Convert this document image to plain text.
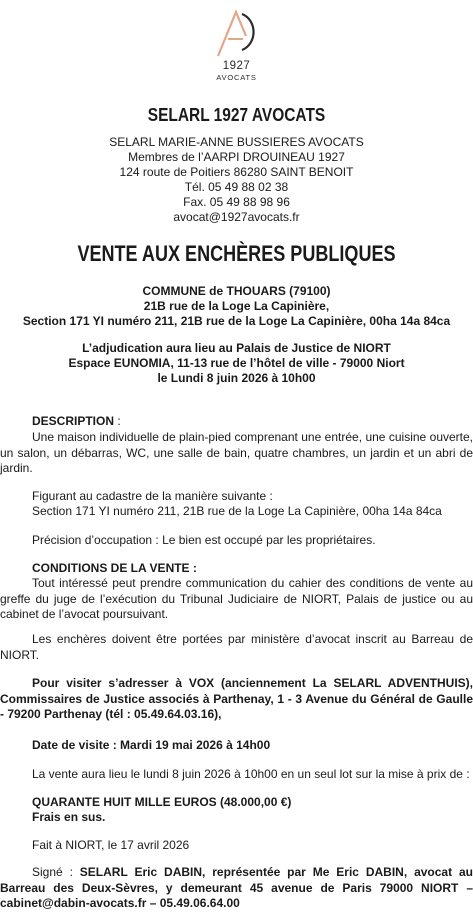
1927
AVOCATS
SELARL 1927 AVOCATS
SELARL MARIE-ANNE BUSSIERES AVOCATS
Membres de l’AARPI DROUINEAU 1927
124 route de Poitiers 86280 SAINT BENOIT
Tél. 05 49 88 02 38
Fax. 05 49 88 98 96
avocat@1927avocats.fr
VENTE AUX ENCHÈRES PUBLIQUES
COMMUNE de THOUARS (79100)
21B rue de la Loge La Capinière,
Section 171 YI numéro 211, 21B rue de la Loge La Capinière, 00ha 14a 84ca
L’adjudication aura lieu au Palais de Justice de NIORT
Espace EUNOMIA, 11-13 rue de l’hôtel de ville - 79000 Niort
le Lundi 8 juin 2026 à 10h00
DESCRIPTION :
Une maison individuelle de plain-pied comprenant une entrée, une cuisine ouverte, un salon, un débarras, WC, une salle de bain, quatre chambres, un jardin et un abri de jardin.
Figurant au cadastre de la manière suivante :
Section 171 YI numéro 211, 21B rue de la Loge La Capinière, 00ha 14a 84ca
Précision d’occupation : Le bien est occupé par les propriétaires.
CONDITIONS DE LA VENTE :
Tout intéressé peut prendre communication du cahier des conditions de vente au greffe du juge de l’exécution du Tribunal Judiciaire de NIORT, Palais de justice ou au cabinet de l’avocat poursuivant.
Les enchères doivent être portées par ministère d’avocat inscrit au Barreau de NIORT.
Pour visiter s’adresser à VOX (anciennement La SELARL ADVENTHUIS), Commissaires de Justice associés à Parthenay, 1 - 3 Avenue du Général de Gaulle - 79200 Parthenay (tél : 05.49.64.03.16),
Date de visite : Mardi 19 mai 2026 à 14h00
La vente aura lieu le lundi 8 juin 2026 à 10h00 en un seul lot sur la mise à prix de :
QUARANTE HUIT MILLE EUROS (48.000,00 €)
Frais en sus.
Fait à NIORT, le 17 avril 2026
Signé : SELARL Eric DABIN, représentée par Me Eric DABIN, avocat au Barreau des Deux-Sèvres, y demeurant 45 avenue de Paris 79000 NIORT – cabinet@dabin-avocats.fr – 05.49.06.64.00
